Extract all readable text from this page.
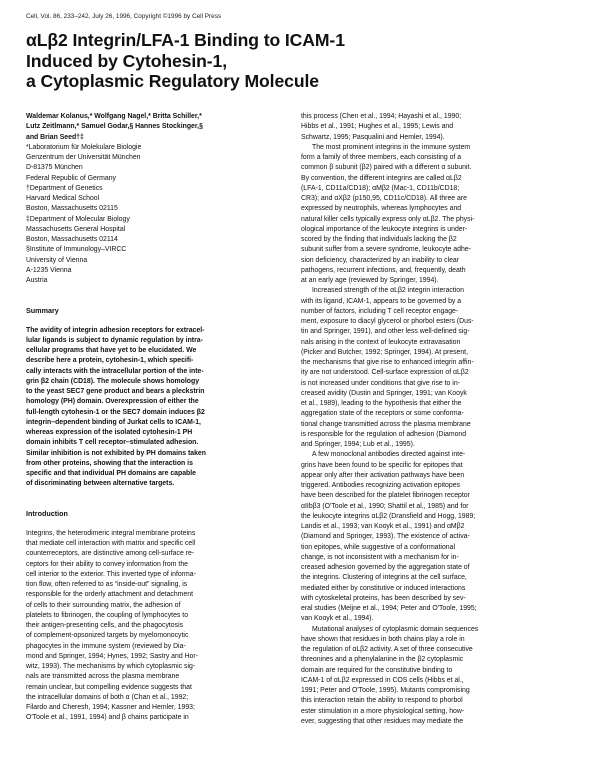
Cell, Vol. 86, 233–242, July 26, 1996, Copyright ©1996 by Cell Press
αLβ2 Integrin/LFA-1 Binding to ICAM-1
Induced by Cytohesin-1,
a Cytoplasmic Regulatory Molecule
Waldemar Kolanus,* Wolfgang Nagel,* Britta Schiller,*
Lutz Zeitlmann,* Samuel Godar,§ Hannes Stockinger,§
and Brian Seed†‡
*Laboratorium für Molekulare Biologie
Genzentrum der Universität München
D-81375 München
Federal Republic of Germany
†Department of Genetics
Harvard Medical School
Boston, Massachusetts 02115
‡Department of Molecular Biology
Massachusetts General Hospital
Boston, Massachusetts 02114
§Institute of Immunology–VIRCC
University of Vienna
A-1235 Vienna
Austria
Summary
The avidity of integrin adhesion receptors for extracel-
lular ligands is subject to dynamic regulation by intra-
cellular programs that have yet to be elucidated. We
describe here a protein, cytohesin-1, which specifi-
cally interacts with the intracellular portion of the inte-
grin β2 chain (CD18). The molecule shows homology
to the yeast SEC7 gene product and bears a pleckstrin
homology (PH) domain. Overexpression of either the
full-length cytohesin-1 or the SEC7 domain induces β2
integrin–dependent binding of Jurkat cells to ICAM-1,
whereas expression of the isolated cytohesin-1 PH
domain inhibits T cell receptor–stimulated adhesion.
Similar inhibition is not exhibited by PH domains taken
from other proteins, showing that the interaction is
specific and that individual PH domains are capable
of discriminating between alternative targets.
Introduction
Integrins, the heterodimeric integral membrane proteins
that mediate cell interaction with matrix and specific cell
counterreceptors, are distinctive among cell-surface re-
ceptors for their ability to convey information from the
cell interior to the exterior. This inverted type of informa-
tion flow, often referred to as “inside-out” signaling, is
responsible for the orderly attachment and detachment
of cells to their surrounding matrix, the adhesion of
platelets to fibrinogen, the coupling of lymphocytes to
their antigen-presenting cells, and the phagocytosis
of complement-opsonized targets by myelomonocytic
phagocytes in the immune system (reviewed by Dia-
mond and Springer, 1994; Hynes, 1992; Sastry and Hor-
witz, 1993). The mechanisms by which cytoplasmic sig-
nals are transmitted across the plasma membrane
remain unclear, but compelling evidence suggests that
the intracellular domains of both α (Chan et al., 1992;
Filardo and Cheresh, 1994; Kassner and Hemler, 1993;
O'Toole et al., 1991, 1994) and β chains participate in
this process (Chen et al., 1994; Hayashi et al., 1990;
Hibbs et al., 1991; Hughes et al., 1995; Lewis and
Schwartz, 1995; Pasqualini and Hemler, 1994).
The most prominent integrins in the immune system
form a family of three members, each consisting of a
common β subunit (β2) paired with a different α subunit.
By convention, the different integrins are called αLβ2
(LFA-1, CD11a/CD18); αMβ2 (Mac-1, CD11b/CD18;
CR3); and αXβ2 (p150,95, CD11c/CD18). All three are
expressed by neutrophils, whereas lymphocytes and
natural killer cells typically express only αLβ2. The physi-
ological importance of the leukocyte integrins is under-
scored by the finding that individuals lacking the β2
subunit suffer from a severe syndrome, leukocyte adhe-
sion deficiency, characterized by an inability to clear
pathogens, recurrent infections, and, frequently, death
at an early age (reviewed by Springer, 1994).
Increased strength of the αLβ2 integrin interaction
with its ligand, ICAM-1, appears to be governed by a
number of factors, including T cell receptor engage-
ment, exposure to diacyl glycerol or phorbol esters (Dus-
tin and Springer, 1991), and other less well-defined sig-
nals arising in the context of leukocyte extravasation
(Picker and Butcher, 1992; Springer, 1994). At present,
the mechanisms that give rise to enhanced integrin affin-
ity are not understood. Cell-surface expression of αLβ2
is not increased under conditions that give rise to in-
creased avidity (Dustin and Springer, 1991; van Kooyk
et al., 1989), leading to the hypothesis that either the
aggregation state of the receptors or some conforma-
tional change transmitted across the plasma membrane
is responsible for the regulation of adhesion (Diamond
and Springer, 1994; Lub et al., 1995).
A few monoclonal antibodies directed against inte-
grins have been found to be specific for epitopes that
appear only after their activation pathways have been
triggered. Antibodies recognizing activation epitopes
have been described for the platelet fibrinogen receptor
αIIbβ3 (O'Toole et al., 1990; Shattil et al., 1985) and for
the leukocyte integrins αLβ2 (Dransfield and Hogg, 1989;
Landis et al., 1993; van Kooyk et al., 1991) and αMβ2
(Diamond and Springer, 1993). The existence of activa-
tion epitopes, while suggestive of a conformational
change, is not inconsistent with a mechanism for in-
creased adhesion governed by the aggregation state of
the integrins. Clustering of integrins at the cell surface,
mediated either by constitutive or induced interactions
with cytoskeletal proteins, has been described by sev-
eral studies (Meijne et al., 1994; Peter and O'Toole, 1995;
van Kooyk et al., 1994).
Mutational analyses of cytoplasmic domain sequences
have shown that residues in both chains play a role in
the regulation of αLβ2 activity. A set of three consecutive
threonines and a phenylalanine in the β2 cytoplasmic
domain are required for the constitutive binding to
ICAM-1 of αLβ2 expressed in COS cells (Hibbs et al.,
1991; Peter and O'Toole, 1995). Mutants compromising
this interaction retain the ability to respond to phorbol
ester stimulation in a more physiological setting, how-
ever, suggesting that other residues may mediate the
